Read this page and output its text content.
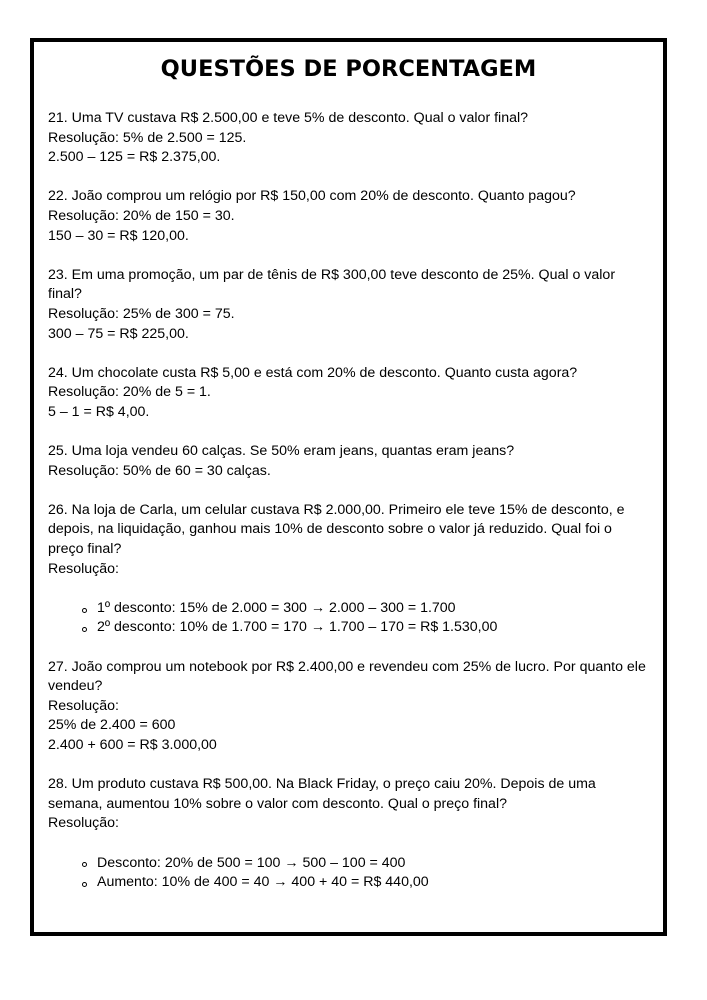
QUESTÕES DE PORCENTAGEM
21. Uma TV custava R$ 2.500,00 e teve 5% de desconto. Qual o valor final?
Resolução: 5% de 2.500 = 125.
2.500 – 125 = R$ 2.375,00.
22. João comprou um relógio por R$ 150,00 com 20% de desconto. Quanto pagou?
Resolução: 20% de 150 = 30.
150 – 30 = R$ 120,00.
23. Em uma promoção, um par de tênis de R$ 300,00 teve desconto de 25%. Qual o valor final?
Resolução: 25% de 300 = 75.
300 – 75 = R$ 225,00.
24. Um chocolate custa R$ 5,00 e está com 20% de desconto. Quanto custa agora?
Resolução: 20% de 5 = 1.
5 – 1 = R$ 4,00.
25. Uma loja vendeu 60 calças. Se 50% eram jeans, quantas eram jeans?
Resolução: 50% de 60 = 30 calças.
26. Na loja de Carla, um celular custava R$ 2.000,00. Primeiro ele teve 15% de desconto, e depois, na liquidação, ganhou mais 10% de desconto sobre o valor já reduzido. Qual foi o preço final?
Resolução:
1º desconto: 15% de 2.000 = 300 → 2.000 – 300 = 1.700
2º desconto: 10% de 1.700 = 170 → 1.700 – 170 = R$ 1.530,00
27. João comprou um notebook por R$ 2.400,00 e revendeu com 25% de lucro. Por quanto ele vendeu?
Resolução:
25% de 2.400 = 600
2.400 + 600 = R$ 3.000,00
28. Um produto custava R$ 500,00. Na Black Friday, o preço caiu 20%. Depois de uma semana, aumentou 10% sobre o valor com desconto. Qual o preço final?
Resolução:
Desconto: 20% de 500 = 100 → 500 – 100 = 400
Aumento: 10% de 400 = 40 → 400 + 40 = R$ 440,00
